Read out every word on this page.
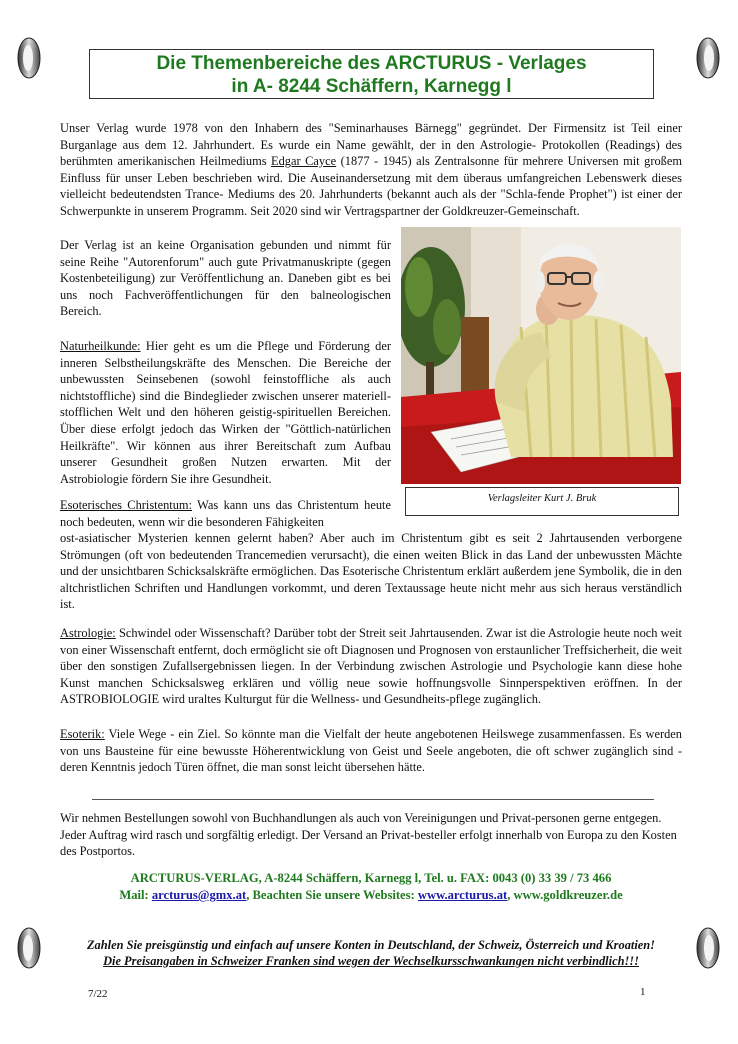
Die Themenbereiche des ARCTURUS - Verlages
in A- 8244 Schäffern, Karnegg l

Unser Verlag wurde 1978 von den Inhabern des "Seminarhauses Bärnegg" gegründet. Der Firmensitz ist Teil einer Burganlage aus dem 12. Jahrhundert. Es wurde ein Name gewählt, der in den Astrologie- Protokollen (Readings) des berühmten amerikanischen Heilmediums Edgar Cayce (1877 - 1945) als Zentralsonne für mehrere Universen mit großem Einfluss für unser Leben beschrieben wird. Die Auseinandersetzung mit dem überaus umfangreichen Lebenswerk dieses vielleicht bedeutendsten Trance- Mediums des 20. Jahrhunderts (bekannt auch als der "Schla-fende Prophet") ist einer der Schwerpunkte in unserem Programm. Seit 2020 sind wir Vertragspartner der Goldkreuzer-Gemeinschaft.

Der Verlag ist an keine Organisation gebunden und nimmt für seine Reihe "Autorenforum" auch gute Privatmanuskripte (gegen Kostenbeteiligung) zur Veröffentlichung an. Daneben gibt es bei uns noch Fachveröffentlichungen für den balneologischen Bereich.

Naturheilkunde: Hier geht es um die Pflege und Förderung der inneren Selbstheilungskräfte des Menschen. Die Bereiche der unbewussten Seinsebenen (sowohl feinstoffliche als auch nichtstoffliche) sind die Bindeglieder zwischen unserer materiell-stofflichen Welt und den höheren geistig-spirituellen Bereichen. Über diese erfolgt jedoch das Wirken der "Göttlich-natürlichen Heilkräfte". Wir können aus ihrer Bereitschaft zum Aufbau unserer Gesundheit großen Nutzen erwarten. Mit der Astrobiologie fördern Sie ihre Gesundheit.

Verlagsleiter Kurt J. Bruk

Esoterisches Christentum: Was kann uns das Christentum heute noch bedeuten, wenn wir die besonderen Fähigkeiten

ost-asiatischer Mysterien kennen gelernt haben? Aber auch im Christentum gibt es seit 2 Jahrtausenden verborgene Strömungen (oft von bedeutenden Trancemedien verursacht), die einen weiten Blick in das Land der unbewussten Mächte und der unsichtbaren Schicksalskräfte ermöglichen. Das Esoterische Christentum erklärt außerdem jene Symbolik, die in den altchristlichen Schriften und Handlungen vorkommt, und deren Textaussage heute nicht mehr aus sich heraus verständlich ist.

Astrologie: Schwindel oder Wissenschaft? Darüber tobt der Streit seit Jahrtausenden. Zwar ist die Astrologie heute noch weit von einer Wissenschaft entfernt, doch ermöglicht sie oft Diagnosen und Prognosen von erstaunlicher Treffsicherheit, die weit über den sonstigen Zufallsergebnissen liegen. In der Verbindung zwischen Astrologie und Psychologie kann diese hohe Kunst manchen Schicksalsweg erklären und völlig neue sowie hoffnungsvolle Sinnperspektiven eröffnen. In der ASTROBIOLOGIE wird uraltes Kulturgut für die Wellness- und Gesundheits-pflege zugänglich.

Esoterik: Viele Wege - ein Ziel. So könnte man die Vielfalt der heute angebotenen Heilswege zusammenfassen. Es werden von uns Bausteine für eine bewusste Höherentwicklung von Geist und Seele angeboten, die oft schwer zugänglich sind - deren Kenntnis jedoch Türen öffnet, die man sonst leicht übersehen hätte.

Wir nehmen Bestellungen sowohl von Buchhandlungen als auch von Vereinigungen und Privat-personen gerne entgegen. Jeder Auftrag wird rasch und sorgfältig erledigt. Der Versand an Privat-besteller erfolgt innerhalb von Europa zu den Kosten des Postportos.

ARCTURUS-VERLAG, A-8244 Schäffern, Karnegg l, Tel. u. FAX: 0043 (0) 33 39 / 73 466
Mail: arcturus@gmx.at, Beachten Sie unsere Websites: www.arcturus.at, www.goldkreuzer.de
Zahlen Sie preisgünstig und einfach auf unsere Konten in Deutschland, der Schweiz, Österreich und Kroatien!
Die Preisangaben in Schweizer Franken sind wegen der Wechselkursschwankungen nicht verbindlich!!!
7/22	1
